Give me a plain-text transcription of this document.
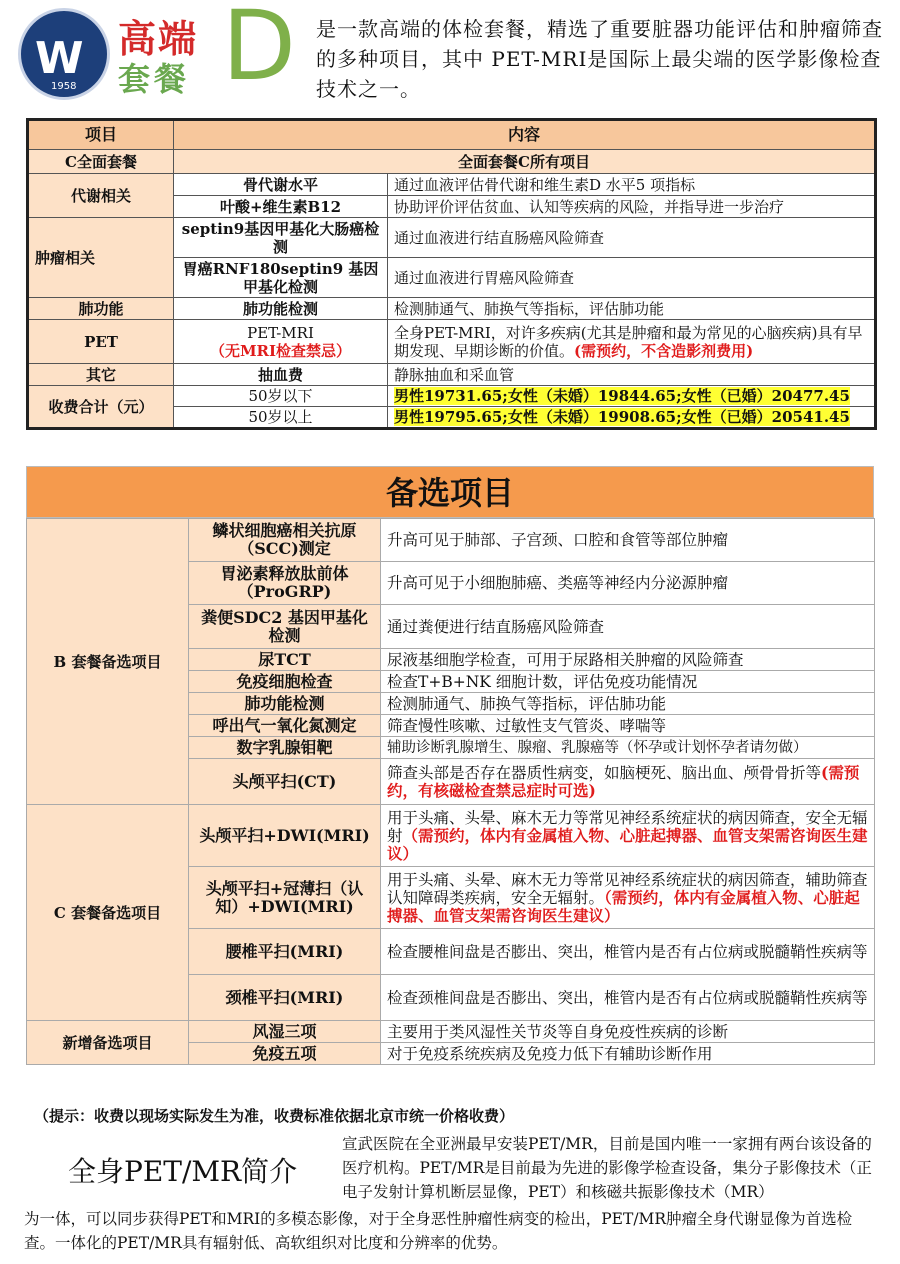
W
1958
高端
套餐 D 是一款高端的体检套餐，精选了重要脏器功能评估和肿瘤筛查的多种项目，其中 PET-MRI是国际上最尖端的医学影像检查技术之一。
项目	内容	
C全面套餐	全面套餐C所有项目	
代谢相关	骨代谢水平	通过血液评估骨代谢和维生素D 水平5 项指标
	叶酸+维生素B12	协助评价评估贫血、认知等疾病的风险，并指导进一步治疗
肿瘤相关	septin9基因甲基化大肠癌检测	通过血液进行结直肠癌风险筛查
	胃癌RNF180septin9 基因甲基化检测	通过血液进行胃癌风险筛查
肺功能	肺功能检测	检测肺通气、肺换气等指标，评估肺功能
PET	PET-MRI（无MRI检查禁忌）	全身PET-MRI，对许多疾病(尤其是肿瘤和最为常见的心脑疾病)具有早期发现、早期诊断的价值。(需预约，不含造影剂费用)
其它	抽血费	静脉抽血和采血管
收费合计（元）	50岁以下	男性19731.65;女性（未婚）19844.65;女性（已婚）20477.45
	50岁以上	男性19795.65;女性（未婚）19908.65;女性（已婚）20541.45
备选项目
B 套餐备选项目	鳞状细胞癌相关抗原（SCC)测定	升高可见于肺部、子宫颈、口腔和食管等部位肿瘤
	胃泌素释放肽前体（ProGRP)	升高可见于小细胞肺癌、类癌等神经内分泌源肿瘤
	粪便SDC2 基因甲基化检测	通过粪便进行结直肠癌风险筛查
	尿TCT	尿液基细胞学检查，可用于尿路相关肿瘤的风险筛查
	免疫细胞检查	检查T+B+NK 细胞计数，评估免疫功能情况
	肺功能检测	检测肺通气、肺换气等指标，评估肺功能
	呼出气一氧化氮测定	筛查慢性咳嗽、过敏性支气管炎、哮喘等
	数字乳腺钼靶	辅助诊断乳腺增生、腺瘤、乳腺癌等（怀孕或计划怀孕者请勿做）
	头颅平扫(CT)	筛查头部是否存在器质性病变，如脑梗死、脑出血、颅骨骨折等(需预约，有核磁检查禁忌症时可选)
C 套餐备选项目	头颅平扫+DWI(MRI)	用于头痛、头晕、麻木无力等常见神经系统症状的病因筛查，安全无辐射（需预约，体内有金属植入物、心脏起搏器、血管支架需咨询医生建议）
	头颅平扫+冠薄扫（认知）+DWI(MRI)	用于头痛、头晕、麻木无力等常见神经系统症状的病因筛查，辅助筛查认知障碍类疾病，安全无辐射。（需预约，体内有金属植入物、心脏起搏器、血管支架需咨询医生建议）
	腰椎平扫(MRI)	检查腰椎间盘是否膨出、突出，椎管内是否有占位病或脱髓鞘性疾病等
	颈椎平扫(MRI)	检查颈椎间盘是否膨出、突出，椎管内是否有占位病或脱髓鞘性疾病等
新增备选项目	风湿三项	主要用于类风湿性关节炎等自身免疫性疾病的诊断
	免疫五项	对于免疫系统疾病及免疫力低下有辅助诊断作用
（提示：收费以现场实际发生为准，收费标准依据北京市统一价格收费）
全身PET/MR简介
宣武医院在全亚洲最早安装PET/MR，目前是国内唯一一家拥有两台该设备的医疗机构。PET/MR是目前最为先进的影像学检查设备，集分子影像技术（正电子发射计算机断层显像，PET）和核磁共振影像技术（MR）
为一体，可以同步获得PET和MRI的多模态影像，对于全身恶性肿瘤性病变的检出，PET/MR肿瘤全身代谢显像为首选检查。一体化的PET/MR具有辐射低、高软组织对比度和分辨率的优势。
